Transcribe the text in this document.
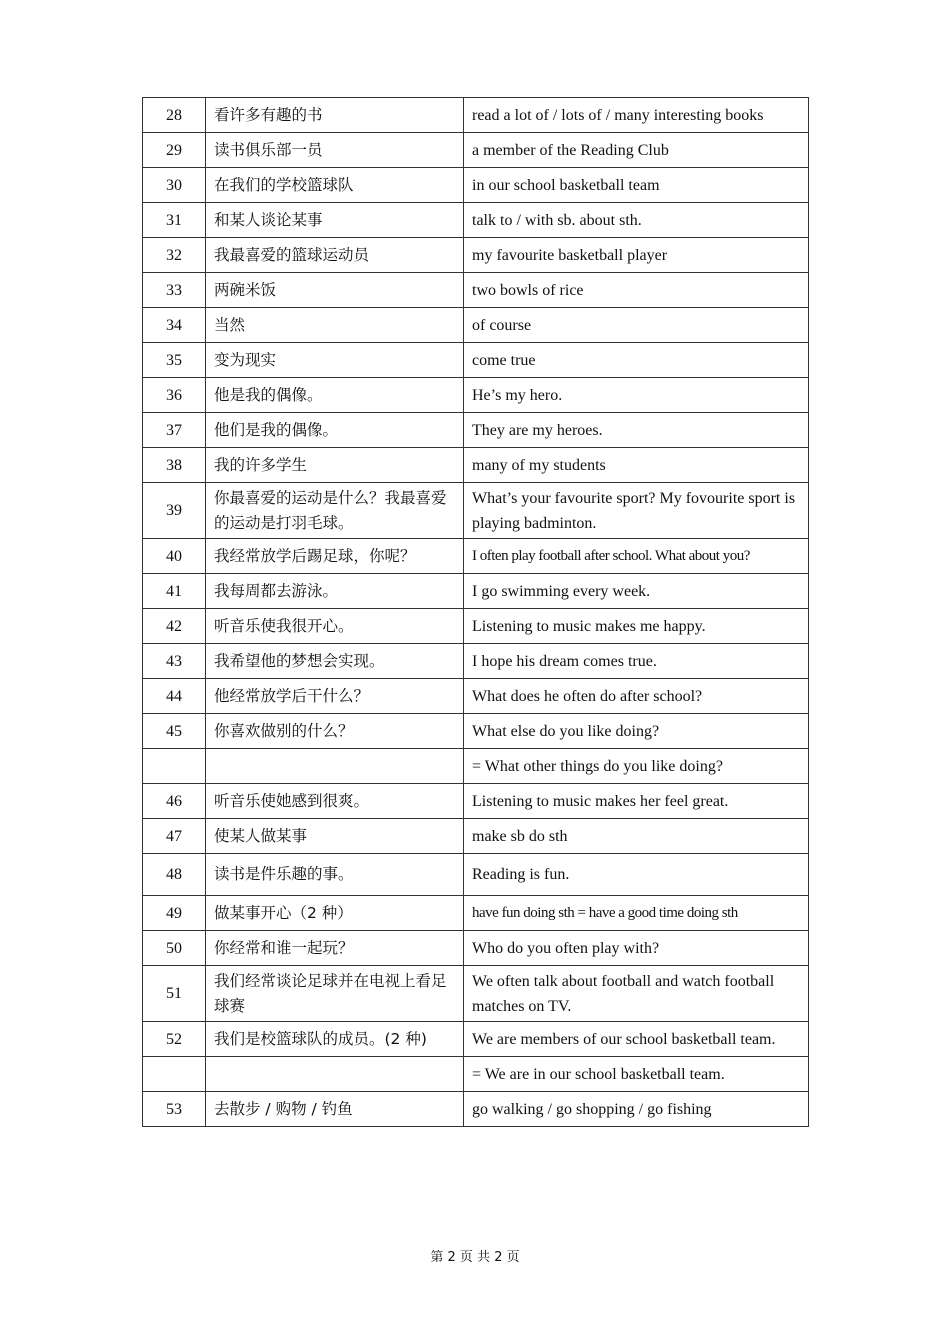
28	看许多有趣的书	read a lot of / lots of / many interesting books
29	读书俱乐部一员	a member of the Reading Club
30	在我们的学校篮球队	in our school basketball team
31	和某人谈论某事	talk to / with sb. about sth.
32	我最喜爱的篮球运动员	my favourite basketball player
33	两碗米饭	two bowls of rice
34	当然	of course
35	变为现实	come true
36	他是我的偶像。	He’s my hero.
37	他们是我的偶像。	They are my heroes.
38	我的许多学生	many of my students
39	你最喜爱的运动是什么？我最喜爱的运动是打羽毛球。	What’s your favourite sport? My fovourite sport is playing badminton.
40	我经常放学后踢足球，你呢？	I often play football after school. What about you?
41	我每周都去游泳。	I go swimming every week.
42	听音乐使我很开心。	Listening to music makes me happy.
43	我希望他的梦想会实现。	I hope his dream comes true.
44	他经常放学后干什么？	What does he often do after school?
45	你喜欢做别的什么？	What else do you like doing?
		= What other things do you like doing?
46	听音乐使她感到很爽。	Listening to music makes her feel great.
47	使某人做某事	make sb do sth
48	读书是件乐趣的事。	Reading is fun.
49	做某事开心（2 种）	have fun doing sth = have a good time doing sth
50	你经常和谁一起玩？	Who do you often play with?
51	我们经常谈论足球并在电视上看足球赛	We often talk about football and watch football matches on TV.
52	我们是校篮球队的成员。(2 种)	We are members of our school basketball team.
		= We are in our school basketball team.
53	去散步 / 购物 / 钓鱼	go walking / go shopping / go fishing
第 2 页 共 2 页
